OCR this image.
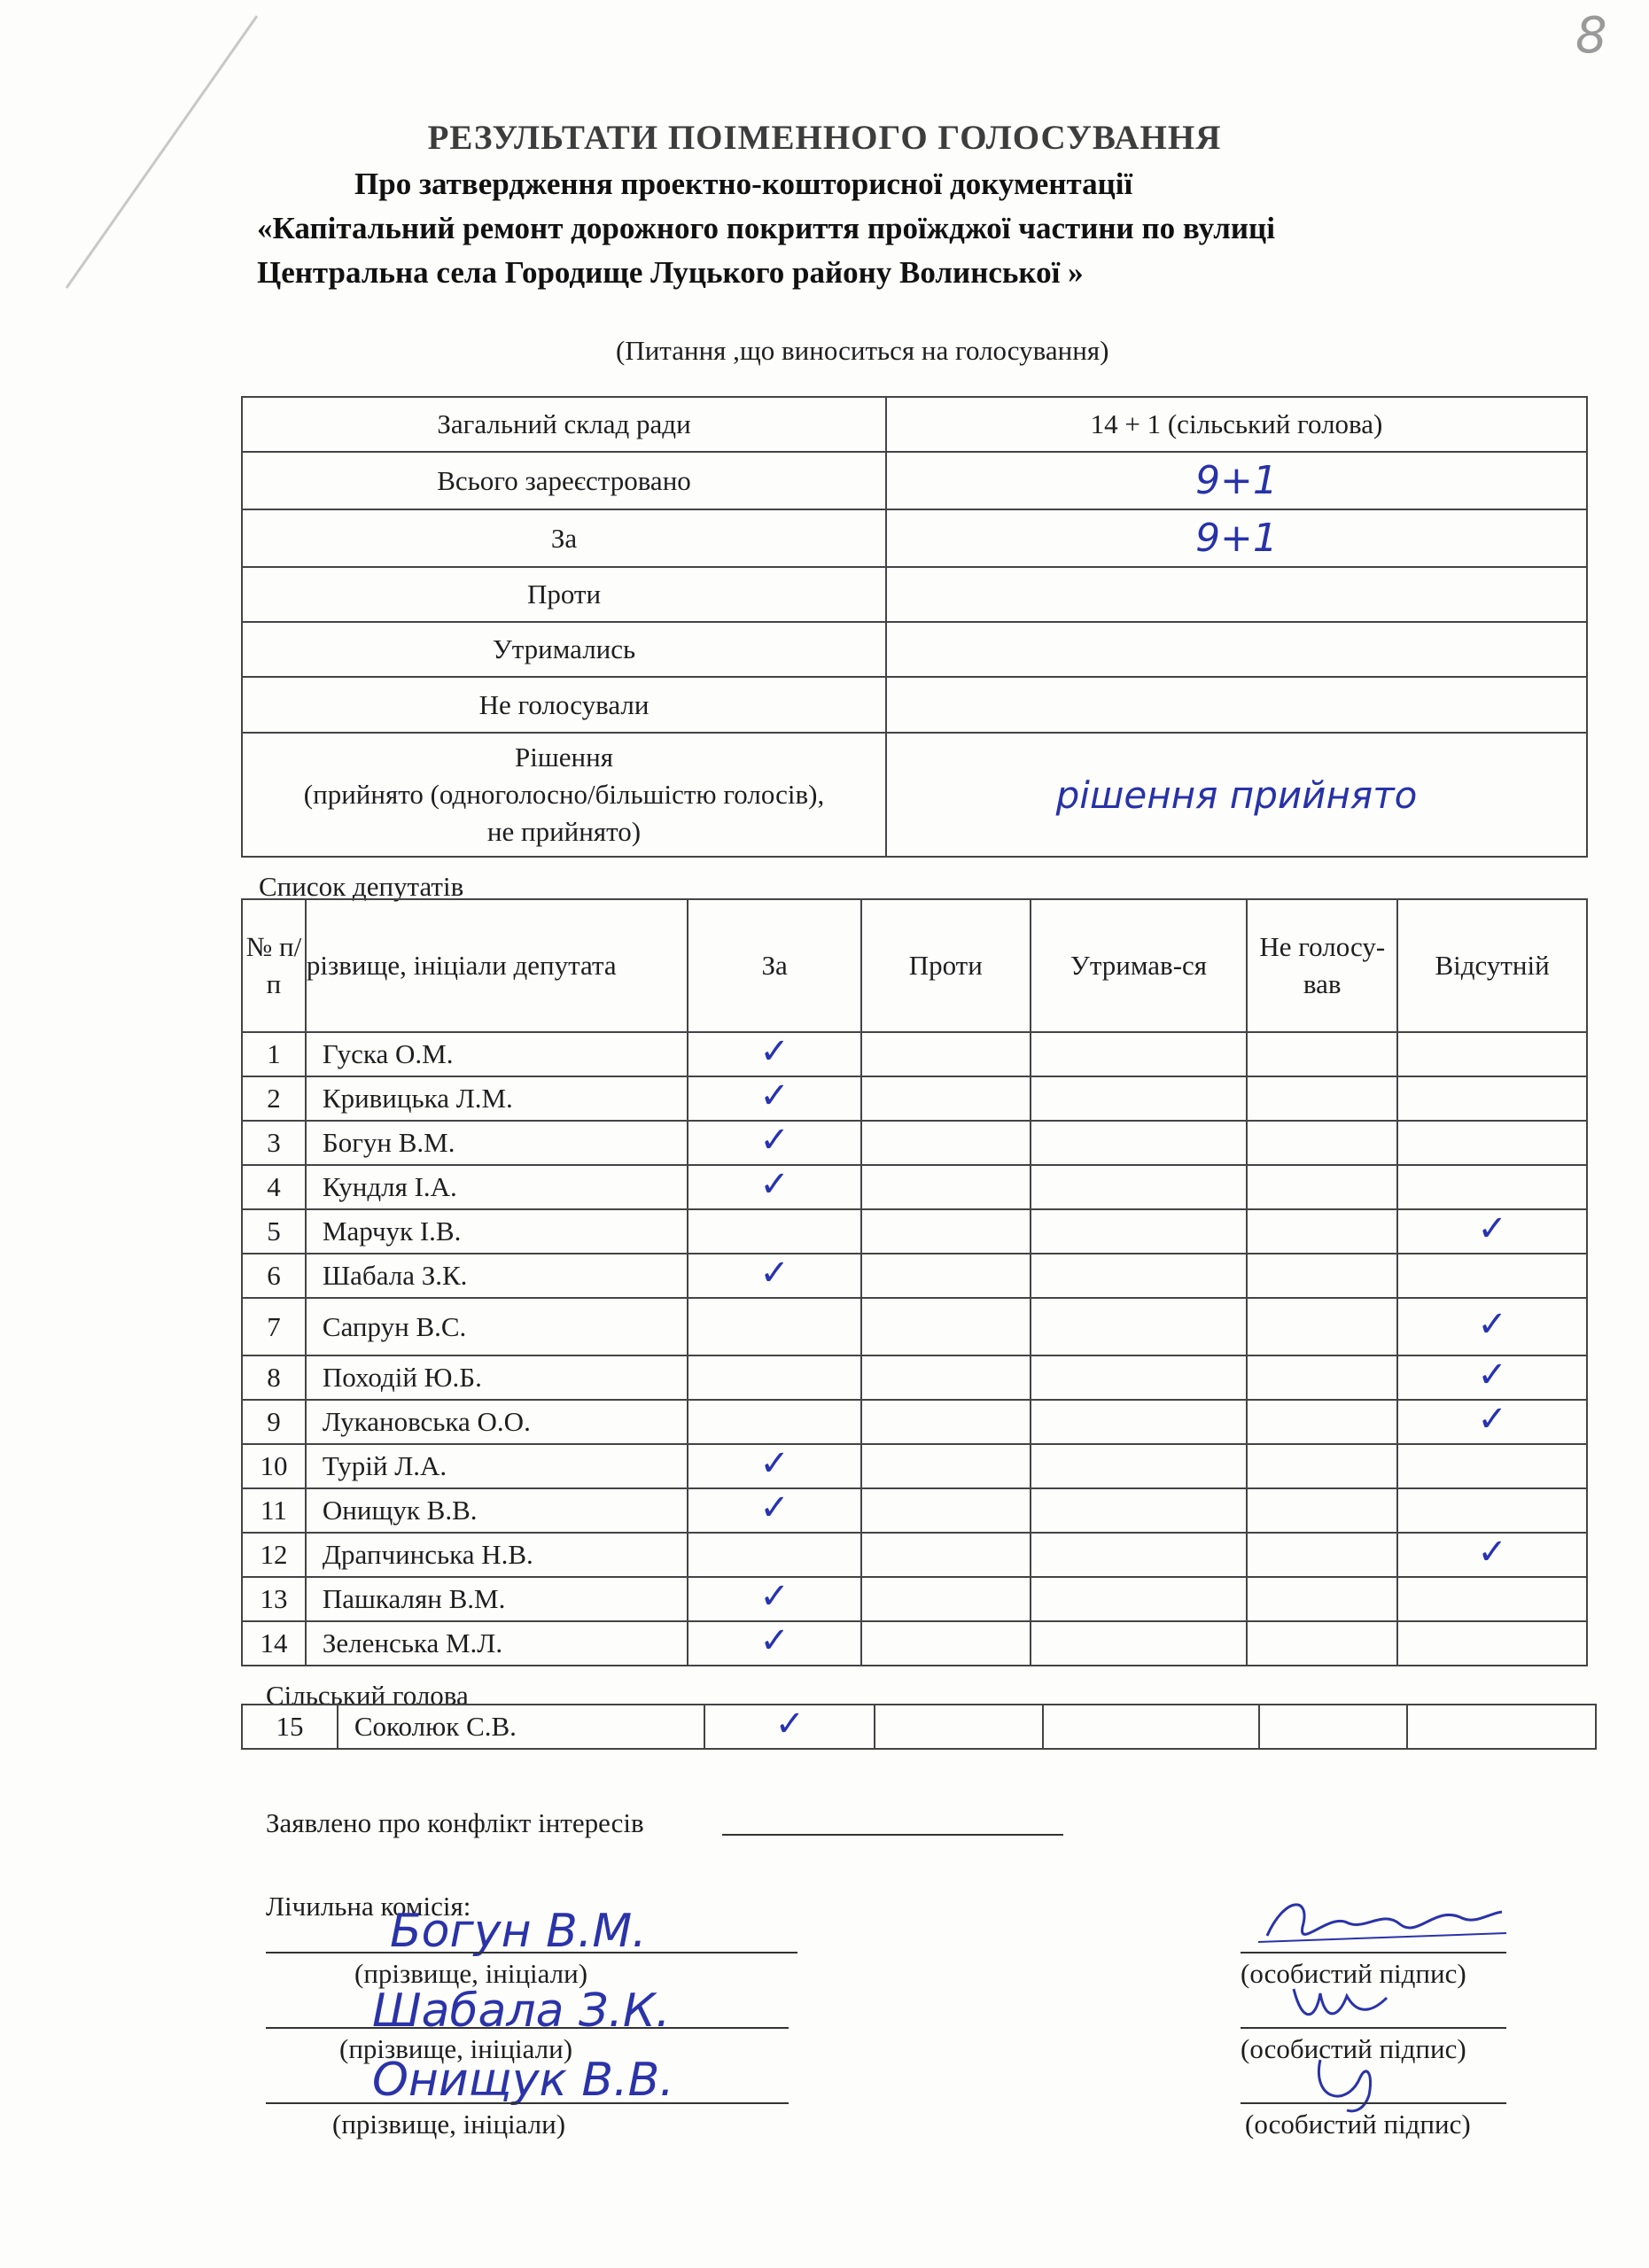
8
РЕЗУЛЬТАТИ ПОІМЕННОГО ГОЛОСУВАННЯ
Про затвердження проектно-кошторисної документації
«Капітальний ремонт дорожного покриття проїжджої частини по вулиці
Центральна села Городище Луцького району Волинської »
(Питання ,що виноситься на голосування)
Загальний склад ради	14 + 1 (сільський голова)
Всього зареєстровано	9+1
За	9+1
Проти	
Утримались	
Не голосували	
Рішення
(прийнято (одноголосно/більшістю голосів),
не прийнято)	рішення прийнято
Список депутатів
№ п/п	різвище, ініціали депутата	За	Проти	Утримав-ся	Не голосу-вав	Відсутній
1	Гуска О.М.	✓				
2	Кривицька Л.М.	✓				
3	Богун В.М.	✓				
4	Кундля І.А.	✓				
5	Марчук І.В.					✓
6	Шабала З.К.	✓				
7	Сапрун В.С.					✓
8	Походій Ю.Б.					✓
9	Лукановська О.О.					✓
10	Турій Л.А.	✓				
11	Онищук В.В.	✓				
12	Драпчинська Н.В.					✓
13	Пашкалян В.М.	✓				
14	Зеленська М.Л.	✓				
Сільський голова
15	Соколюк С.В.	✓				
Заявлено про конфлікт інтересів
Лічильна комісія:
Богун В.М.
(прізвище, ініціали)	(особистий підпис)
Шабала З.К.
(прізвище, ініціали)	(особистий підпис)
Онищук В.В.
(прізвище, ініціали)	(особистий підпис)
